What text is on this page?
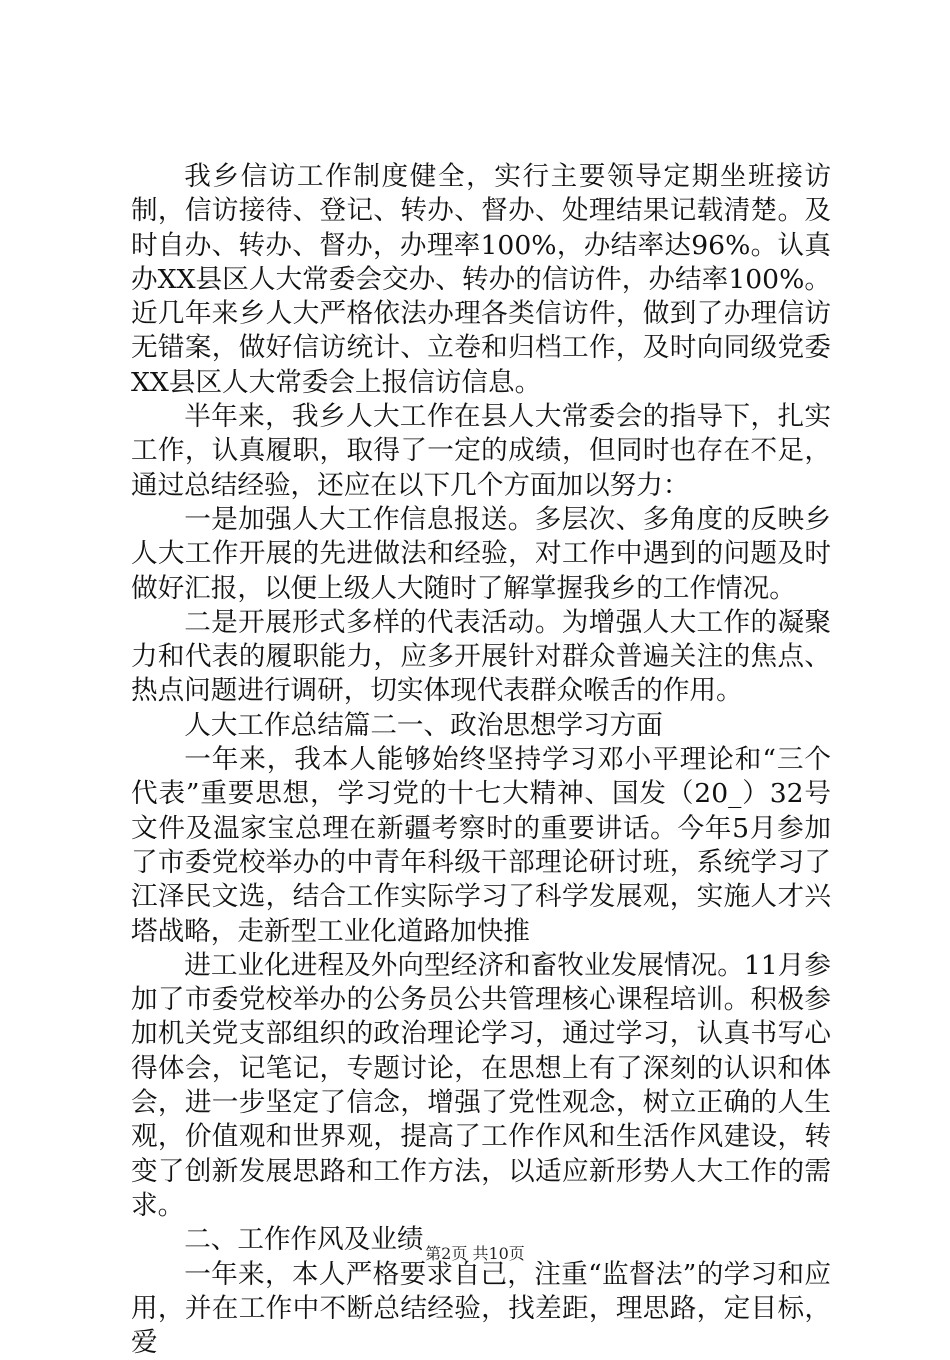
我乡信访工作制度健全，实行主要领导定期坐班接访制，信访接待、登记、转办、督办、处理结果记载清楚。及时自办、转办、督办，办理率100%，办结率达96%。认真办XX县区人大常委会交办、转办的信访件，办结率100%。近几年来乡人大严格依法办理各类信访件，做到了办理信访无错案，做好信访统计、立卷和归档工作，及时向同级党委XX县区人大常委会上报信访信息。

半年来，我乡人大工作在县人大常委会的指导下，扎实工作，认真履职，取得了一定的成绩，但同时也存在不足，通过总结经验，还应在以下几个方面加以努力：

一是加强人大工作信息报送。多层次、多角度的反映乡人大工作开展的先进做法和经验，对工作中遇到的问题及时做好汇报，以便上级人大随时了解掌握我乡的工作情况。

二是开展形式多样的代表活动。为增强人大工作的凝聚力和代表的履职能力，应多开展针对群众普遍关注的焦点、热点问题进行调研，切实体现代表群众喉舌的作用。

人大工作总结篇二一、政治思想学习方面

一年来，我本人能够始终坚持学习邓小平理论和“三个代表”重要思想，学习党的十七大精神、国发（20_）32号文件及温家宝总理在新疆考察时的重要讲话。今年5月参加了市委党校举办的中青年科级干部理论研讨班，系统学习了江泽民文选，结合工作实际学习了科学发展观，实施人才兴塔战略，走新型工业化道路加快推

进工业化进程及外向型经济和畜牧业发展情况。11月参加了市委党校举办的公务员公共管理核心课程培训。积极参加机关党支部组织的政治理论学习，通过学习，认真书写心得体会，记笔记，专题讨论，在思想上有了深刻的认识和体会，进一步坚定了信念，增强了党性观念，树立正确的人生观，价值观和世界观，提高了工作作风和生活作风建设，转变了创新发展思路和工作方法，以适应新形势人大工作的需求。

二、工作作风及业绩

一年来，本人严格要求自己，注重“监督法”的学习和应用，并在工作中不断总结经验，找差距，理思路，定目标，爱

第2页 共10页
